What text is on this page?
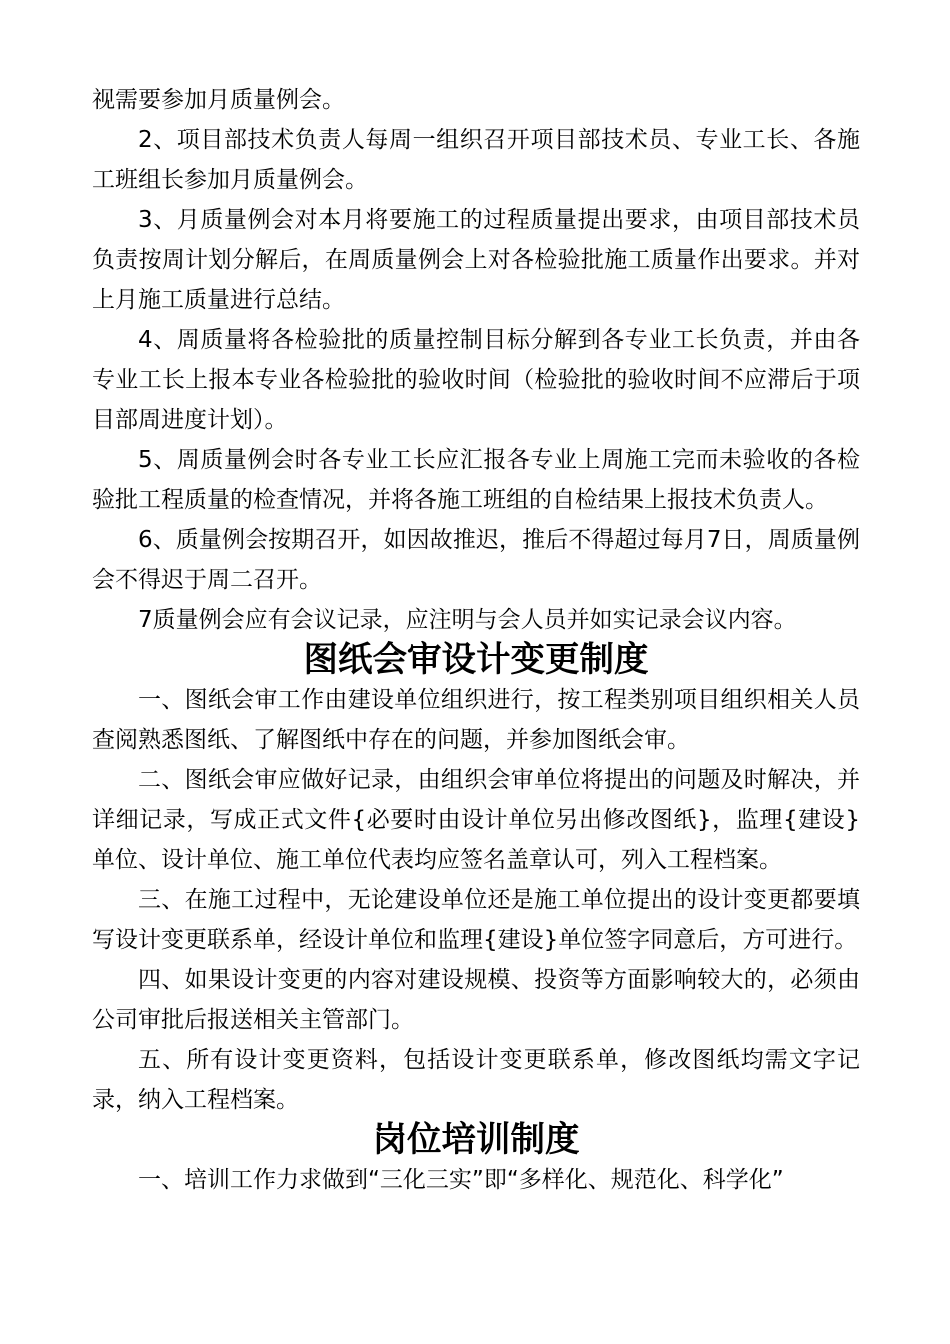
视需要参加月质量例会。

2、项目部技术负责人每周一组织召开项目部技术员、专业工长、各施工班组长参加月质量例会。

3、月质量例会对本月将要施工的过程质量提出要求，由项目部技术员负责按周计划分解后，在周质量例会上对各检验批施工质量作出要求。并对上月施工质量进行总结。

4、周质量将各检验批的质量控制目标分解到各专业工长负责，并由各专业工长上报本专业各检验批的验收时间（检验批的验收时间不应滞后于项目部周进度计划）。

5、周质量例会时各专业工长应汇报各专业上周施工完而未验收的各检验批工程质量的检查情况，并将各施工班组的自检结果上报技术负责人。

6、质量例会按期召开，如因故推迟，推后不得超过每月7日，周质量例会不得迟于周二召开。

7质量例会应有会议记录，应注明与会人员并如实记录会议内容。

图纸会审设计变更制度

一、图纸会审工作由建设单位组织进行，按工程类别项目组织相关人员查阅熟悉图纸、了解图纸中存在的问题，并参加图纸会审。

二、图纸会审应做好记录，由组织会审单位将提出的问题及时解决，并详细记录，写成正式文件{必要时由设计单位另出修改图纸}，监理{建设}单位、设计单位、施工单位代表均应签名盖章认可，列入工程档案。

三、在施工过程中，无论建设单位还是施工单位提出的设计变更都要填写设计变更联系单，经设计单位和监理{建设}单位签字同意后，方可进行。

四、如果设计变更的内容对建设规模、投资等方面影响较大的，必须由公司审批后报送相关主管部门。

五、所有设计变更资料，包括设计变更联系单，修改图纸均需文字记录，纳入工程档案。

岗位培训制度

一、培训工作力求做到“三化三实”即“多样化、规范化、科学化”
